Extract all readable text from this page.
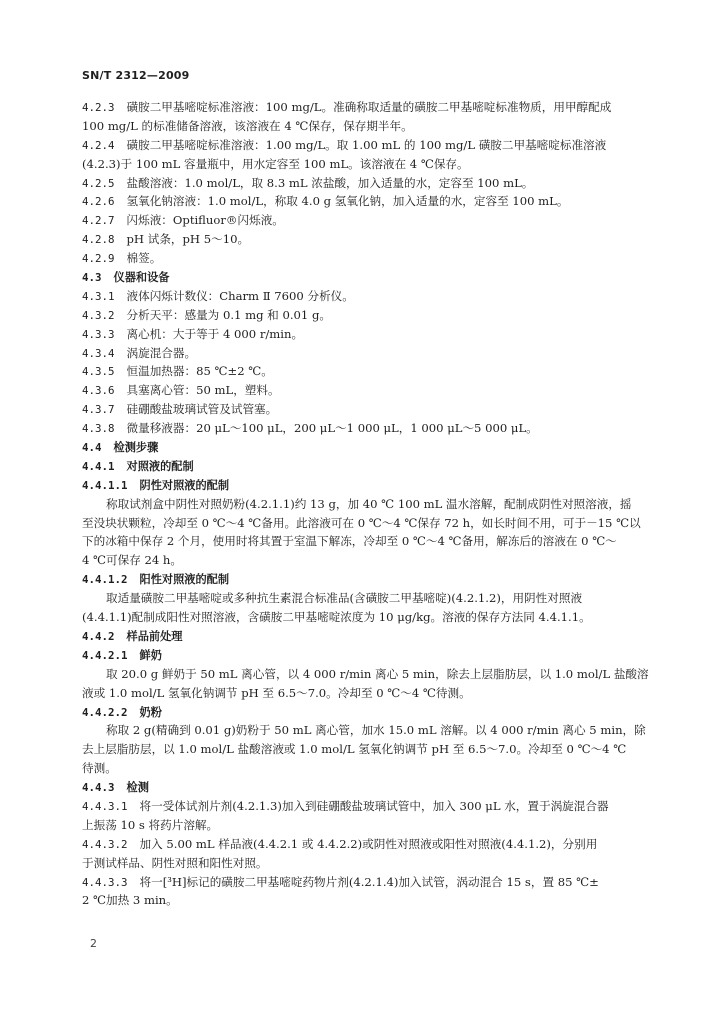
SN/T 2312—2009
4.2.3 磺胺二甲基嘧啶标准溶液：100 mg/L。准确称取适量的磺胺二甲基嘧啶标准物质，用甲醇配成
100 mg/L 的标准储备溶液，该溶液在 4 ℃保存，保存期半年。
4.2.4 磺胺二甲基嘧啶标准溶液：1.00 mg/L。取 1.00 mL 的 100 mg/L 磺胺二甲基嘧啶标准溶液
(4.2.3)于 100 mL 容量瓶中，用水定容至 100 mL。该溶液在 4 ℃保存。
4.2.5 盐酸溶液：1.0 mol/L，取 8.3 mL 浓盐酸，加入适量的水，定容至 100 mL。
4.2.6 氢氧化钠溶液：1.0 mol/L，称取 4.0 g 氢氧化钠，加入适量的水，定容至 100 mL。
4.2.7 闪烁液：Optifluor®闪烁液。
4.2.8 pH 试条，pH 5～10。
4.2.9 棉签。
4.3 仪器和设备
4.3.1 液体闪烁计数仪：Charm Ⅱ 7600 分析仪。
4.3.2 分析天平：感量为 0.1 mg 和 0.01 g。
4.3.3 离心机：大于等于 4 000 r/min。
4.3.4 涡旋混合器。
4.3.5 恒温加热器：85 ℃±2 ℃。
4.3.6 具塞离心管：50 mL，塑料。
4.3.7 硅硼酸盐玻璃试管及试管塞。
4.3.8 微量移液器：20 μL～100 μL，200 μL～1 000 μL，1 000 μL～5 000 μL。
4.4 检测步骤
4.4.1 对照液的配制
4.4.1.1 阴性对照液的配制
称取试剂盒中阴性对照奶粉(4.2.1.1)约 13 g，加 40 ℃ 100 mL 温水溶解，配制成阴性对照溶液，摇
至没块状颗粒，冷却至 0 ℃～4 ℃备用。此溶液可在 0 ℃～4 ℃保存 72 h，如长时间不用，可于－15 ℃以
下的冰箱中保存 2 个月，使用时将其置于室温下解冻，冷却至 0 ℃～4 ℃备用，解冻后的溶液在 0 ℃～
4 ℃可保存 24 h。
4.4.1.2 阳性对照液的配制
取适量磺胺二甲基嘧啶或多种抗生素混合标准品(含磺胺二甲基嘧啶)(4.2.1.2)，用阴性对照液
(4.4.1.1)配制成阳性对照溶液，含磺胺二甲基嘧啶浓度为 10 μg/kg。溶液的保存方法同 4.4.1.1。
4.4.2 样品前处理
4.4.2.1 鲜奶
取 20.0 g 鲜奶于 50 mL 离心管，以 4 000 r/min 离心 5 min，除去上层脂肪层，以 1.0 mol/L 盐酸溶
液或 1.0 mol/L 氢氧化钠调节 pH 至 6.5～7.0。冷却至 0 ℃～4 ℃待测。
4.4.2.2 奶粉
称取 2 g(精确到 0.01 g)奶粉于 50 mL 离心管，加水 15.0 mL 溶解。以 4 000 r/min 离心 5 min，除
去上层脂肪层，以 1.0 mol/L 盐酸溶液或 1.0 mol/L 氢氧化钠调节 pH 至 6.5～7.0。冷却至 0 ℃～4 ℃
待测。
4.4.3 检测
4.4.3.1 将一受体试剂片剂(4.2.1.3)加入到硅硼酸盐玻璃试管中，加入 300 μL 水，置于涡旋混合器
上振荡 10 s 将药片溶解。
4.4.3.2 加入 5.00 mL 样品液(4.4.2.1 或 4.4.2.2)或阴性对照液或阳性对照液(4.4.1.2)，分别用
于测试样品、阴性对照和阳性对照。
4.4.3.3 将一[³H]标记的磺胺二甲基嘧啶药物片剂(4.2.1.4)加入试管，涡动混合 15 s，置 85 ℃±
2 ℃加热 3 min。
2
